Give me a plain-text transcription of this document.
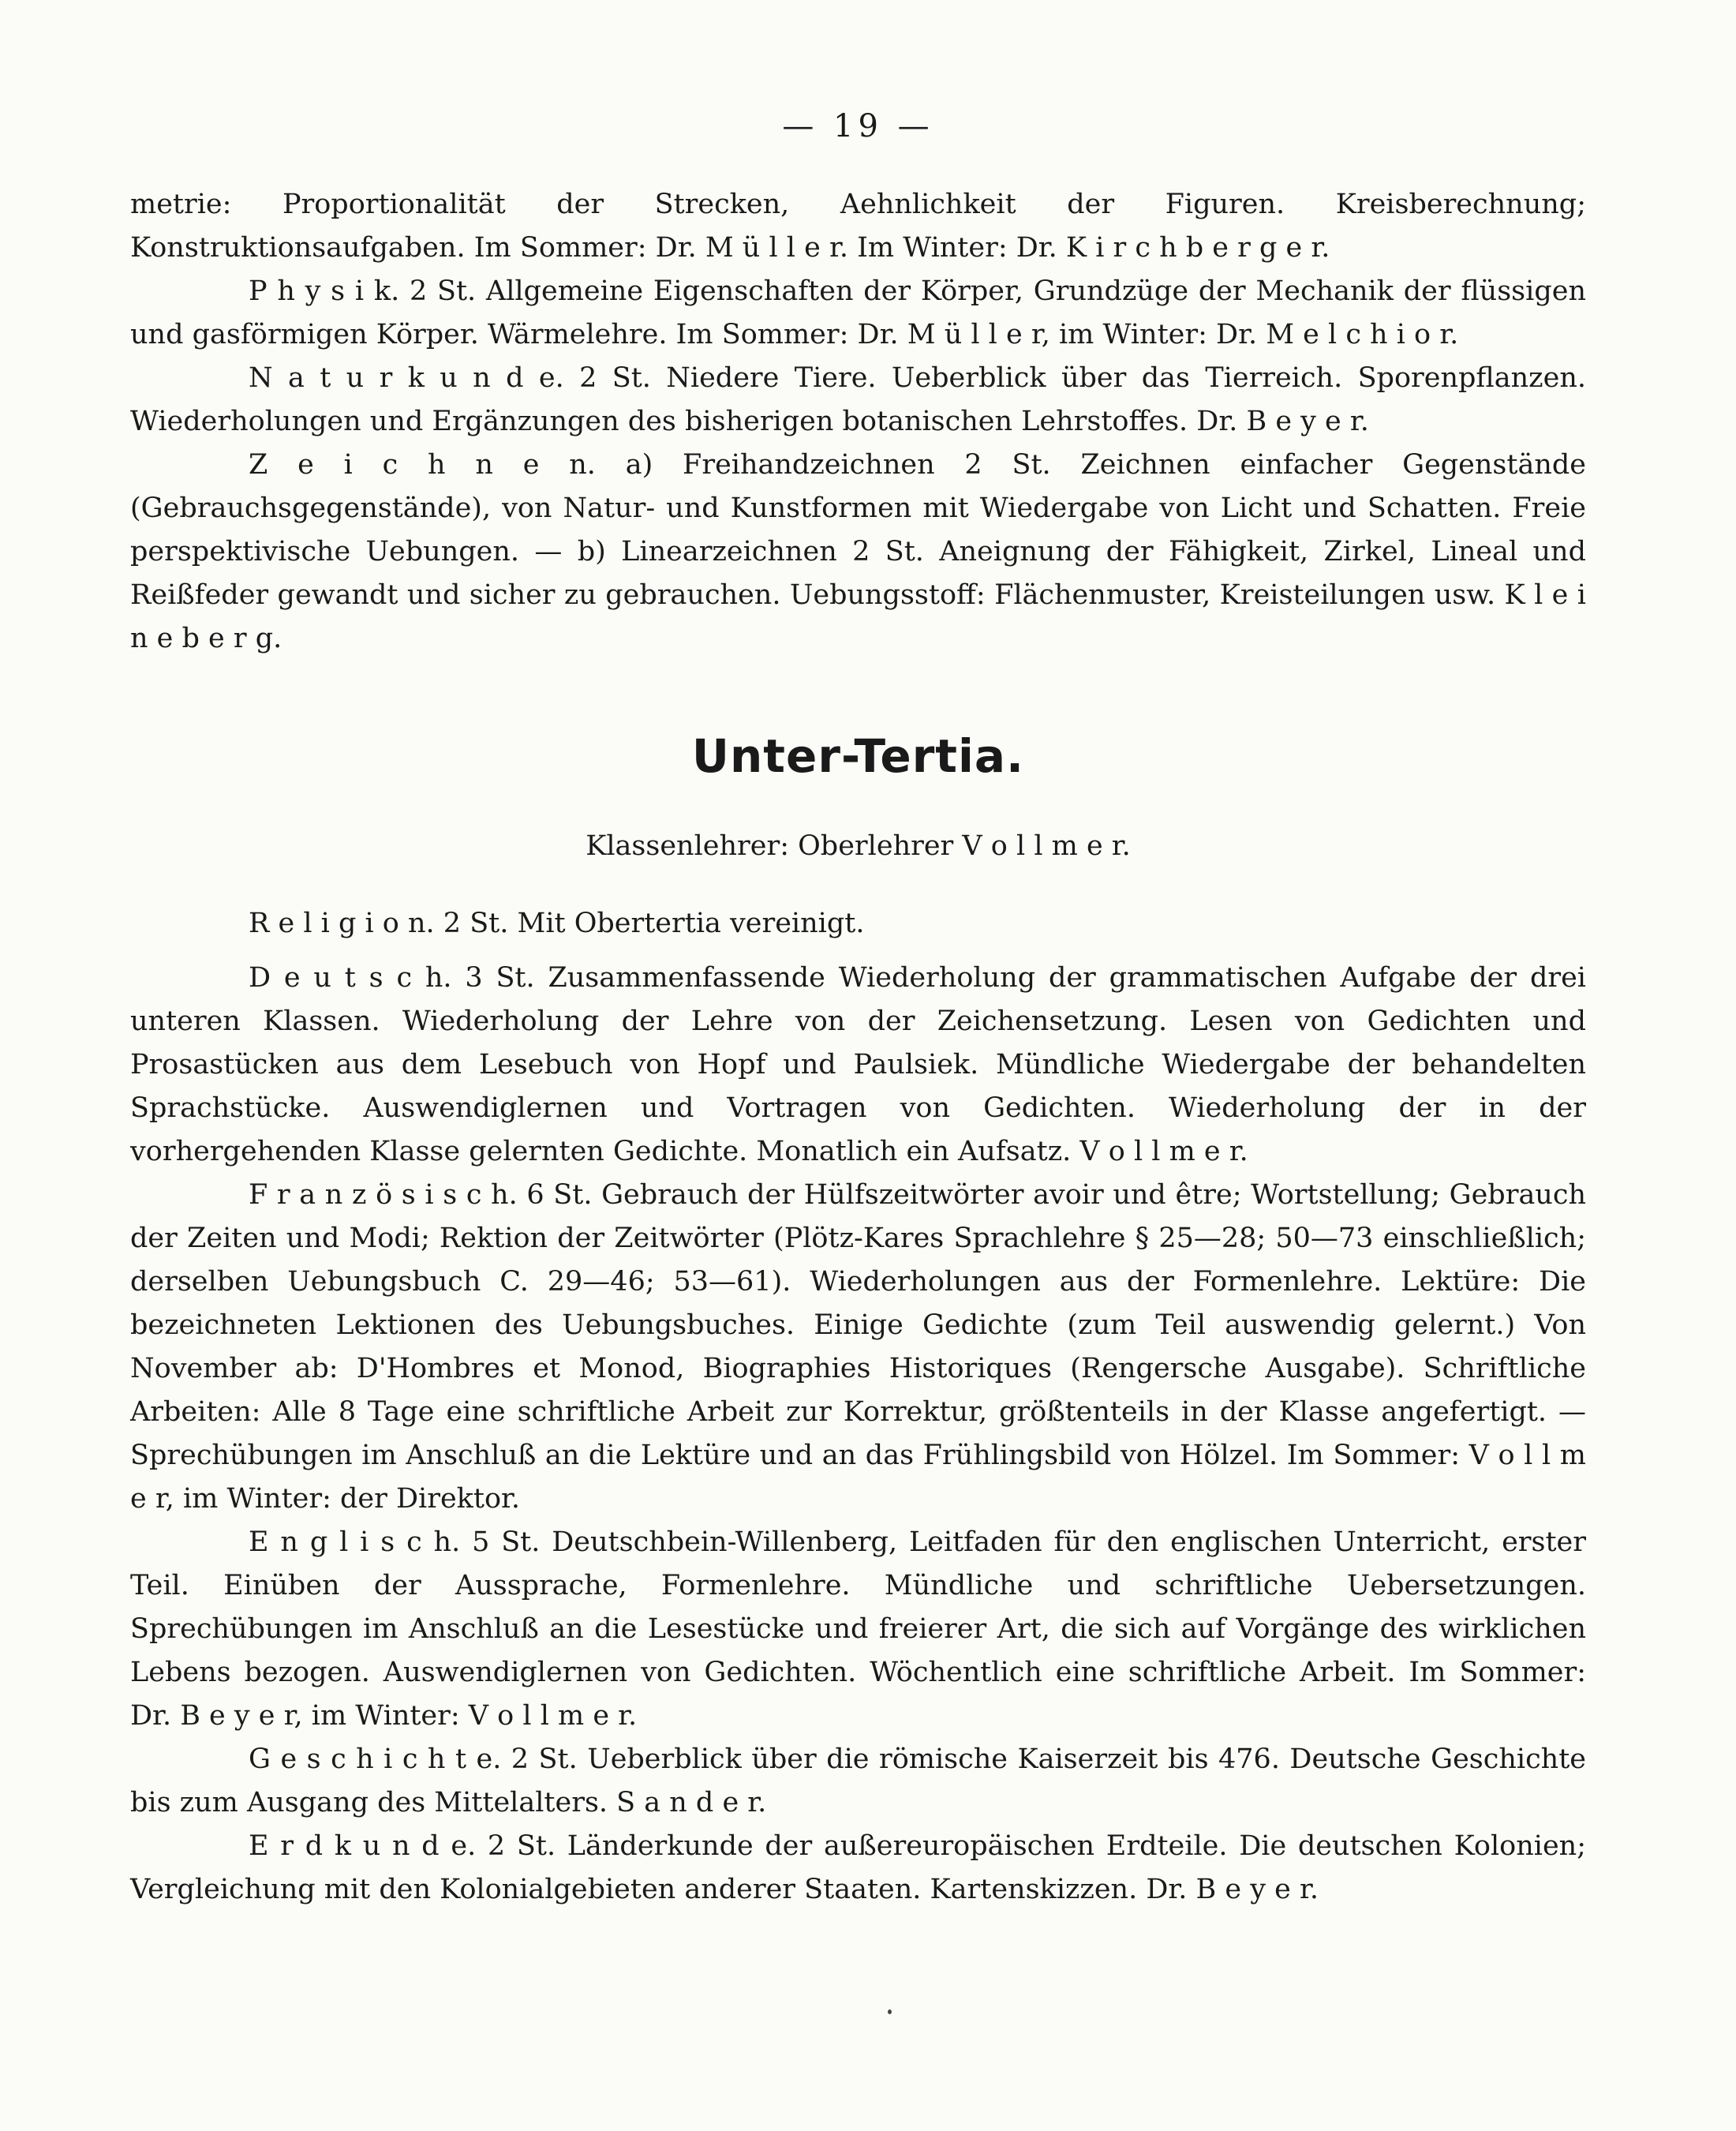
— 19 —

metrie: Proportionalität der Strecken, Aehnlichkeit der Figuren. Kreisberechnung; Konstruktionsaufgaben. Im Sommer: Dr. M ü l l e r. Im Winter: Dr. K i r c h b e r g e r.

P h y s i k. 2 St. Allgemeine Eigenschaften der Körper, Grundzüge der Mechanik der flüssigen und gasförmigen Körper. Wärmelehre. Im Sommer: Dr. M ü l l e r, im Winter: Dr. M e l c h i o r.

N a t u r k u n d e. 2 St. Niedere Tiere. Ueberblick über das Tierreich. Sporenpflanzen. Wiederholungen und Ergänzungen des bisherigen botanischen Lehrstoffes. Dr. B e y e r.

Z e i c h n e n. a) Freihandzeichnen 2 St. Zeichnen einfacher Gegenstände (Gebrauchsgegenstände), von Natur- und Kunstformen mit Wiedergabe von Licht und Schatten. Freie perspektivische Uebungen. — b) Linearzeichnen 2 St. Aneignung der Fähigkeit, Zirkel, Lineal und Reißfeder gewandt und sicher zu gebrauchen. Uebungsstoff: Flächenmuster, Kreisteilungen usw. K l e i n e b e r g.

Unter-Tertia.
Klassenlehrer: Oberlehrer V o l l m e r.

R e l i g i o n. 2 St. Mit Obertertia vereinigt.

D e u t s c h. 3 St. Zusammenfassende Wiederholung der grammatischen Aufgabe der drei unteren Klassen. Wiederholung der Lehre von der Zeichensetzung. Lesen von Gedichten und Prosastücken aus dem Lesebuch von Hopf und Paulsiek. Mündliche Wiedergabe der behandelten Sprachstücke. Auswendiglernen und Vortragen von Gedichten. Wiederholung der in der vorhergehenden Klasse gelernten Gedichte. Monatlich ein Aufsatz. V o l l m e r.

F r a n z ö s i s c h. 6 St. Gebrauch der Hülfszeitwörter avoir und être; Wortstellung; Gebrauch der Zeiten und Modi; Rektion der Zeitwörter (Plötz-Kares Sprachlehre § 25—28; 50—73 einschließlich; derselben Uebungsbuch C. 29—46; 53—61). Wiederholungen aus der Formenlehre. Lektüre: Die bezeichneten Lektionen des Uebungsbuches. Einige Gedichte (zum Teil auswendig gelernt.) Von November ab: D'Hombres et Monod, Biographies Historiques (Rengersche Ausgabe). Schriftliche Arbeiten: Alle 8 Tage eine schriftliche Arbeit zur Korrektur, größtenteils in der Klasse angefertigt. — Sprechübungen im Anschluß an die Lektüre und an das Frühlingsbild von Hölzel. Im Sommer: V o l l m e r, im Winter: der Direktor.

E n g l i s c h. 5 St. Deutschbein-Willenberg, Leitfaden für den englischen Unterricht, erster Teil. Einüben der Aussprache, Formenlehre. Mündliche und schriftliche Uebersetzungen. Sprechübungen im Anschluß an die Lesestücke und freierer Art, die sich auf Vorgänge des wirklichen Lebens bezogen. Auswendiglernen von Gedichten. Wöchentlich eine schriftliche Arbeit. Im Sommer: Dr. B e y e r, im Winter: V o l l m e r.

G e s c h i c h t e. 2 St. Ueberblick über die römische Kaiserzeit bis 476. Deutsche Geschichte bis zum Ausgang des Mittelalters. S a n d e r.

E r d k u n d e. 2 St. Länderkunde der außereuropäischen Erdteile. Die deutschen Kolonien; Vergleichung mit den Kolonialgebieten anderer Staaten. Kartenskizzen. Dr. B e y e r.
